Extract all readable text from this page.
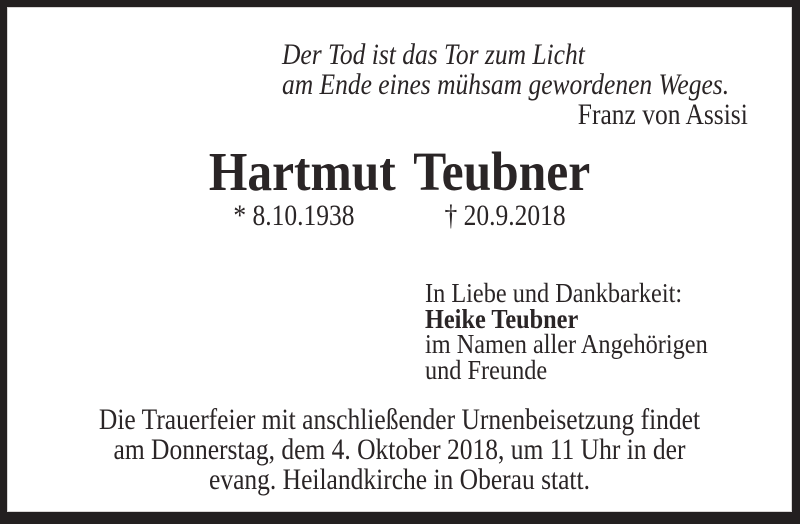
Der Tod ist das Tor zum Licht
am Ende eines mühsam gewordenen Weges.
Franz von Assisi
Hartmut Teubner
* 8.10.1938	† 20.9.2018
In Liebe und Dankbarkeit:
Heike Teubner
im Namen aller Angehörigen
und Freunde
Die Trauerfeier mit anschließender Urnenbeisetzung findet
am Donnerstag, dem 4. Oktober 2018, um 11 Uhr in der
evang. Heilandkirche in Oberau statt.
